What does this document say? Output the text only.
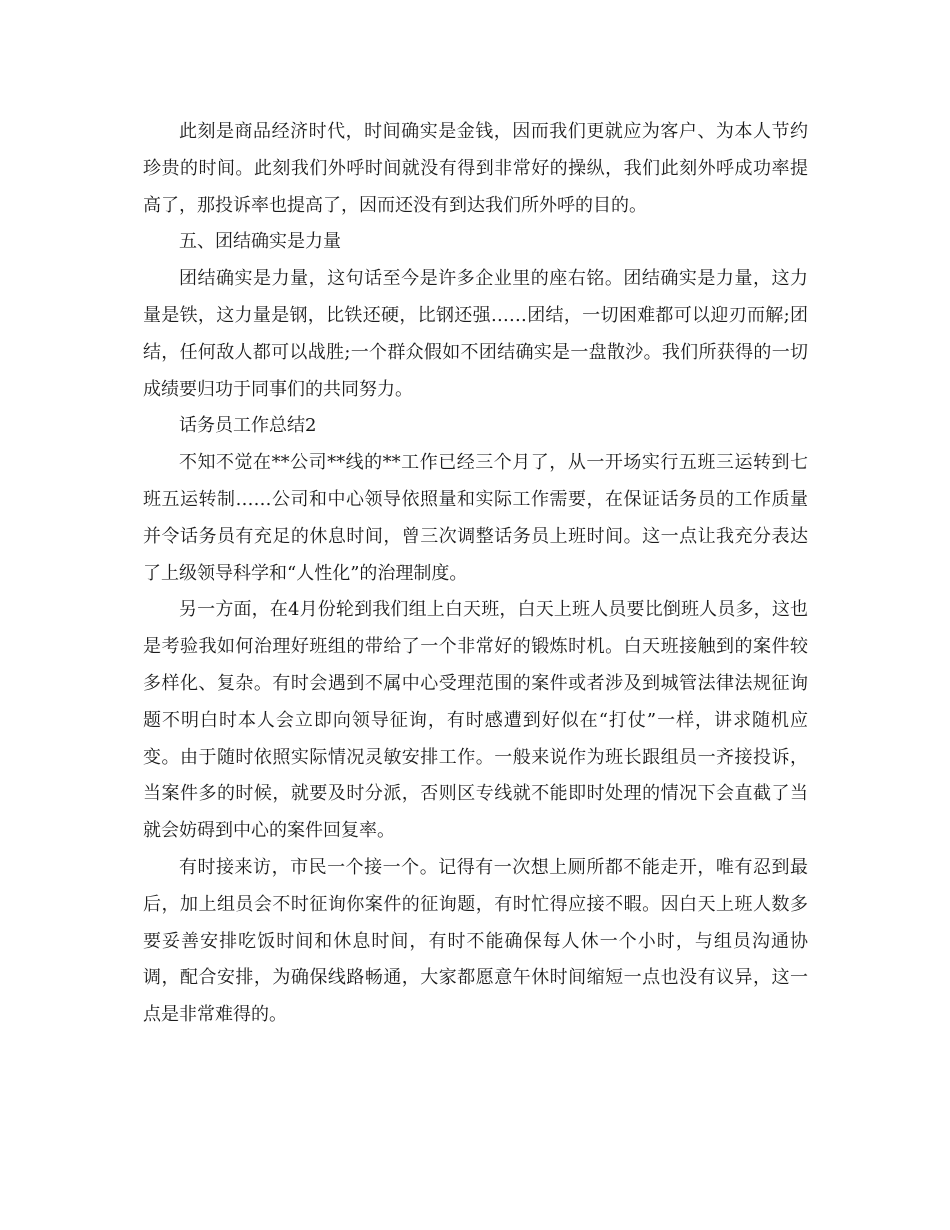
此刻是商品经济时代，时间确实是金钱，因而我们更就应为客户、为本人节约珍贵的时间。此刻我们外呼时间就没有得到非常好的操纵，我们此刻外呼成功率提高了，那投诉率也提高了，因而还没有到达我们所外呼的目的。

五、团结确实是力量

团结确实是力量，这句话至今是许多企业里的座右铭。团结确实是力量，这力量是铁，这力量是钢，比铁还硬，比钢还强……团结，一切困难都可以迎刃而解;团结，任何敌人都可以战胜;一个群众假如不团结确实是一盘散沙。我们所获得的一切成绩要归功于同事们的共同努力。

话务员工作总结2

不知不觉在**公司**线的**工作已经三个月了，从一开场实行五班三运转到七班五运转制……公司和中心领导依照量和实际工作需要，在保证话务员的工作质量并令话务员有充足的休息时间，曾三次调整话务员上班时间。这一点让我充分表达了上级领导科学和“人性化”的治理制度。

另一方面，在4月份轮到我们组上白天班，白天上班人员要比倒班人员多，这也是考验我如何治理好班组的带给了一个非常好的锻炼时机。白天班接触到的案件较多样化、复杂。有时会遇到不属中心受理范围的案件或者涉及到城管法律法规征询题不明白时本人会立即向领导征询，有时感遭到好似在“打仗”一样，讲求随机应变。由于随时依照实际情况灵敏安排工作。一般来说作为班长跟组员一齐接投诉，当案件多的时候，就要及时分派，否则区专线就不能即时处理的情况下会直截了当就会妨碍到中心的案件回复率。

有时接来访，市民一个接一个。记得有一次想上厕所都不能走开，唯有忍到最后，加上组员会不时征询你案件的征询题，有时忙得应接不暇。因白天上班人数多要妥善安排吃饭时间和休息时间，有时不能确保每人休一个小时，与组员沟通协调，配合安排，为确保线路畅通，大家都愿意午休时间缩短一点也没有议异，这一点是非常难得的。
